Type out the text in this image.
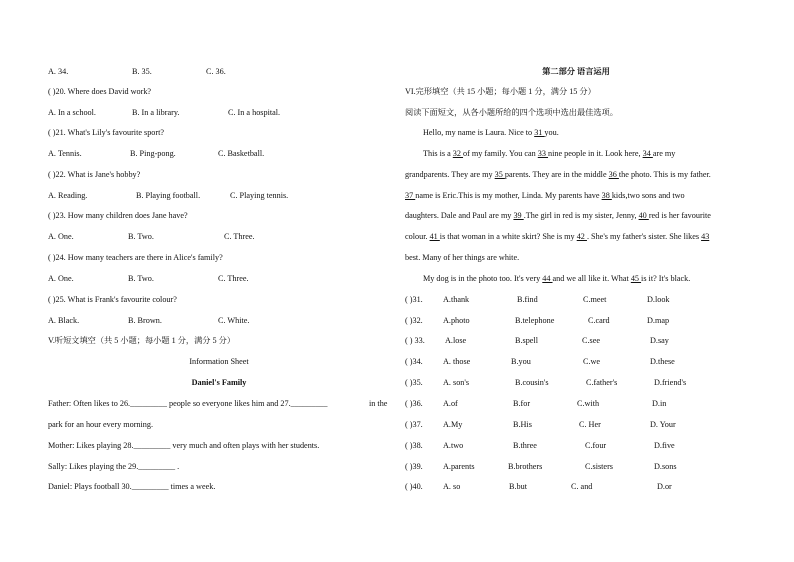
A. 34.	B. 35.	C. 36.
( )20. Where does David work?
A. In a school.	B. In a library.	C. In a hospital.
( )21. What's Lily's favourite sport?
A. Tennis.	B. Ping-pong.	C. Basketball.
( )22. What is Jane's hobby?
A. Reading.	B. Playing football.	C. Playing tennis.
( )23. How many children does Jane have?
A. One.	B. Two.	C. Three.
( )24. How many teachers are there in Alice's family?
A. One.	B. Two.	C. Three.
( )25. What is Frank's favourite colour?
A. Black.	B. Brown.	C. White.
V.听短文填空（共 5 小题；每小题 1 分，满分 5 分）
Information Sheet
Daniel's Family
Father: Often likes to 26._________ people so everyone likes him and 27._________	in the
park for an hour every morning.
Mother: Likes playing 28._________ very much and often plays with her students.
Sally: Likes playing the 29._________ .
Daniel: Plays football 30._________ times a week.
第二部分 语言运用
VI.完形填空（共 15 小题；每小题 1 分，满分 15 分）
阅读下面短文，从各小题所给的四个选项中选出最佳选项。
Hello, my name is Laura. Nice to 31 you.
This is a 32 of my family. You can 33 nine people in it. Look here, 34 are my
grandparents. They are my 35 parents. They are in the middle 36 the photo. This is my father.
37 name is Eric.This is my mother, Linda. My parents have 38 kids,two sons and two
daughters. Dale and Paul are my 39 .The girl in red is my sister, Jenny, 40 red is her favourite
colour. 41 is that woman in a white skirt? She is my 42 . She's my father's sister. She likes 43
best. Many of her things are white.
My dog is in the photo too. It's very 44 and we all like it. What 45 is it? It's black.
( )31. A.thank	B.find	C.meet	D.look
( )32. A.photo	B.telephone	C.card	D.map
( ) 33. A.lose	B.spell	C.see	D.say
( )34. A. those	B.you	C.we	D.these
( )35. A. son's	B.cousin's	C.father's	D.friend's
( )36. A.of	B.for	C.with	D.in
( )37. A.My	B.His	C. Her	D. Your
( )38. A.two	B.three	C.four	D.five
( )39. A.parents	B.brothers	C.sisters	D.sons
( )40. A. so	B.but	C. and	D.or
